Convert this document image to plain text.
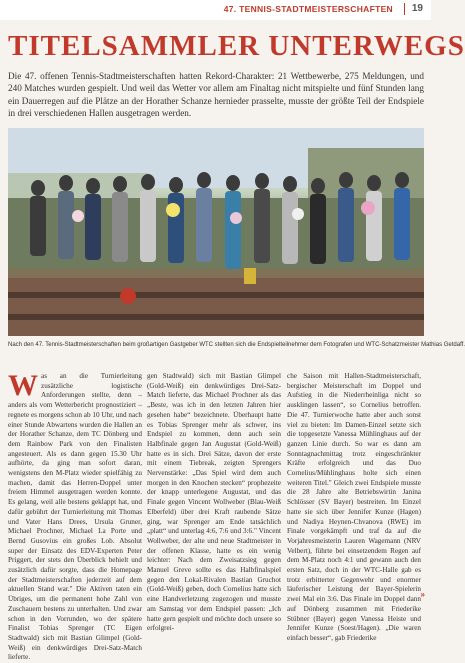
47. TENNIS-STADTMEISTERSCHAFTEN 19
TITELSAMMLER UNTERWEGS

Die 47. offenen Tennis-Stadtmeisterschaften hatten Rekord-Charakter: 21 Wettbewerbe, 275 Meldungen, und 240 Matches wurden gespielt. Und weil das Wetter vor allem am Finaltag nicht mitspielte und fünf Stunden lang ein Dauerregen auf die Plätze an der Horather Schanze hernieder prasselte, musste der größte Teil der Endspiele in drei verschiedenen Hallen ausgetragen werden.

Nach den 47. Tennis-Stadtmeisterschaften beim großartigen Gastgeber WTC stellten sich die Endspielteilnehmer dem Fotografen und WTC-Schatzmeister Mathias Getdaff.

Was an die Turnierleitung zusätzliche logistische Anforderungen stellte, denn – anders als vom Wetterbericht prognostiziert – regnete es morgens schon ab 10 Uhr, und nach einer Stunde Abwartens wurden die Hallen an der Horather Schanze, dem TC Dönberg und dem Rainbow Park von den Finalisten angesteuert. Als es dann gegen 15.30 Uhr aufhörte, da ging man sofort daran, wenigstens den M-Platz wieder spielfähig zu machen, damit das Herren-Doppel unter freiem Himmel ausgetragen werden konnte. Es gelang, weil alle bestens geklappt hat, und dafür gebührt der Turnierleitung mit Thomas und Vater Hans Drees, Ursula Gruner, Michael Prochner, Michael La Porte und Bernd Gusovius ein großes Lob. Absolut super der Einsatz des EDV-Experten Peter Priggert, der stets den Überblick behielt und zusätzlich dafür sorgte, dass die Homepage der Stadtmeisterschaften jederzeit auf dem aktuellen Stand war." Die Aktiven taten ein Übriges, um die permanent hohe Zahl von Zuschauern bestens zu unterhalten. Und zwar schon in den Vorrunden, wo der spätere Finalist Tobias Sprenger (TC Eigen Stadtwald) sich mit Bastian Glimpel (Gold-Weiß) ein denkwürdiges Drei-Satz-Match lieferte.

gen Stadtwald) sich mit Bastian Glimpel (Gold-Weiß) ein denkwürdiges Drei-Satz-Match lieferte, das Michael Prochner als das „Beste, was ich in den letzten Jahren hier gesehen habe“ bezeichnete. Überhaupt hatte es Tobias Sprenger mehr als schwer, ins Endspiel zu kommen, denn auch sein Halbfinale gegen Jan Augustat (Gold-Weiß) hatte es in sich. Drei Sätze, davon der erste mit einem Tiebreak, zeigten Sprengers Nervenstärke: „Das Spiel wird dem auch morgen in den Knochen stecken“ prophezeite der knapp unterlegene Augustat, und das Finale gegen Vincent Wollweber (Blau-Weiß Elberfeld) über drei Kraft raubende Sätze ging, war Sprenger am Ende tatsächlich „platt“ und unterlag 4:6, 7:6 und 3:6." Vincent Wollweber, der alte und neue Stadtmeister in der offenen Klasse, hatte es ein wenig leichter: Nach dem Zweisatzsieg gegen Manuel Greve sollte es das Halbfinalspiel gegen den Lokal-Rivalen Bastian Gruchot (Gold-Weiß) geben, doch Cornelius hatte sich eine Handverletzung zugezogen und musste am Samstag vor dem Endspiel passen: „Ich hatte gern gespielt und möchte doch unsere so erfolgrei-

che Saison mit Hallen-Stadtmeisterschaft, bergischer Meisterschaft im Doppel und Aufstieg in die Niederrheinliga nicht so ausklingen lassen“, so Cornelius betroffen. Die 47. Turnierwoche hatte aber auch sonst viel zu bieten: Im Damen-Einzel setzte sich die topgesetzte Vanessa Mühlinghaus auf der ganzen Linie durch. So war es dann am Sonntagnachmittag trotz eingeschränkter Kräfte erfolgreich und das Duo Cornelius/Mühlinghaus holte sich einen weiteren Titel." Gleich zwei Endspiele musste die 28 Jahre alte Betriebswirtin Janina Schlösser (SV Bayer) bestreiten. Im Einzel hatte sie sich über Jennifer Kunze (Hagen) und Nadiya Heynen-Chvanova (RWE) im Finale vorgekämpft und traf da auf die Vorjahresmeisterin Lauren Wagemann (NRV Velbert), führte bei einsetzendem Regen auf dem M-Platz noch 4:1 und gewann auch den ersten Satz, doch in der WTC-Halle gab es trotz erbitterter Gegenwehr und enormer läuferischer Leistung der Bayer-Spielerin zwei Mal ein 3:6. Das Finale im Doppel dann auf Dönberg zusammen mit Friederike Stübner (Bayer) gegen Vanessa Heiste und Jennifer Kunze (Soest/Hagen). „Die waren einfach besser“, gab Friederike

»
